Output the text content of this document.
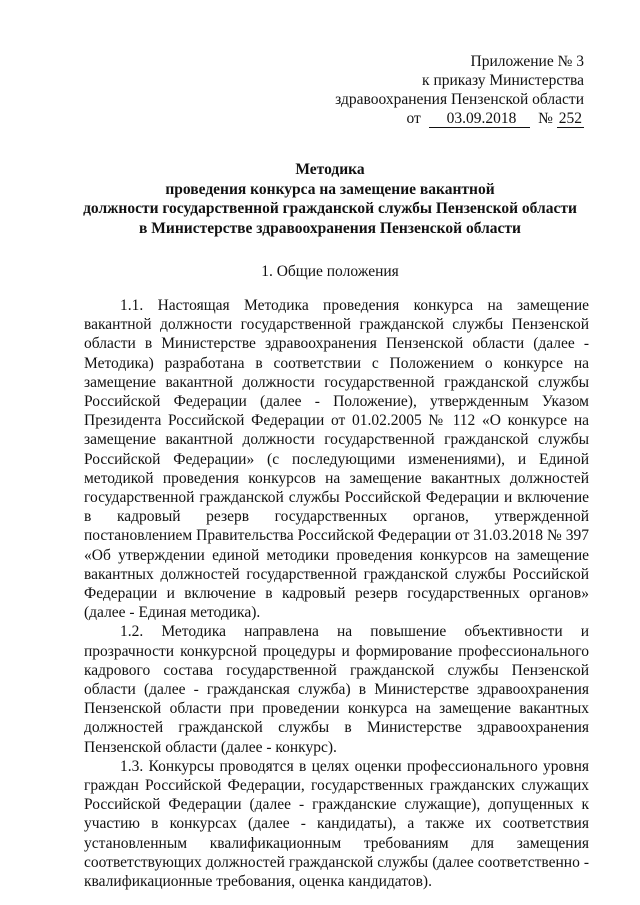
Приложение № 3
к приказу Министерства
здравоохранения Пензенской области
от 03.09.2018 № 252
Методика
проведения конкурса на замещение вакантной
должности государственной гражданской службы Пензенской области
в Министерстве здравоохранения Пензенской области
1. Общие положения

1.1. Настоящая Методика проведения конкурса на замещение вакантной должности государственной гражданской службы Пензенской области в Министерстве здравоохранения Пензенской области (далее - Методика) разработана в соответствии с Положением о конкурсе на замещение вакантной должности государственной гражданской службы Российской Федерации (далее - Положение), утвержденным Указом Президента Российской Федерации от 01.02.2005 № 112 «О конкурсе на замещение вакантной должности государственной гражданской службы Российской Федерации» (с последующими изменениями), и Единой методикой проведения конкурсов на замещение вакантных должностей государственной гражданской службы Российской Федерации и включение в кадровый резерв государственных органов, утвержденной постановлением Правительства Российской Федерации от 31.03.2018 № 397 «Об утверждении единой методики проведения конкурсов на замещение вакантных должностей государственной гражданской службы Российской Федерации и включение в кадровый резерв государственных органов» (далее - Единая методика).

1.2. Методика направлена на повышение объективности и прозрачности конкурсной процедуры и формирование профессионального кадрового состава государственной гражданской службы Пензенской области (далее - гражданская служба) в Министерстве здравоохранения Пензенской области при проведении конкурса на замещение вакантных должностей гражданской службы в Министерстве здравоохранения Пензенской области (далее - конкурс).

1.3. Конкурсы проводятся в целях оценки профессионального уровня граждан Российской Федерации, государственных гражданских служащих Российской Федерации (далее - гражданские служащие), допущенных к участию в конкурсах (далее - кандидаты), а также их соответствия установленным квалификационным требованиям для замещения соответствующих должностей гражданской службы (далее соответственно - квалификационные требования, оценка кандидатов).
